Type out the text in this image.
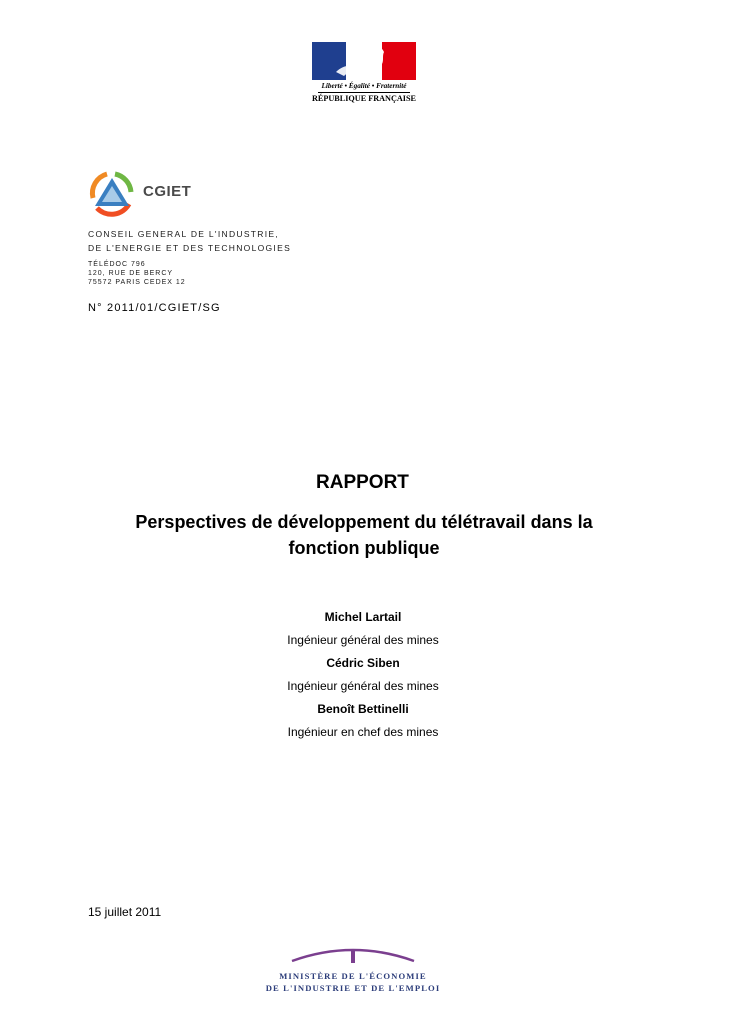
Liberté • Égalité • Fraternité
RÉPUBLIQUE FRANÇAISE
CGIET
CONSEIL GENERAL DE L'INDUSTRIE,
DE L'ENERGIE ET DES TECHNOLOGIES
TÉLÉDOC 796
120, RUE DE BERCY
75572 PARIS CEDEX 12
N° 2011/01/CGIET/SG
RAPPORT
Perspectives de développement du télétravail dans la fonction publique
Michel Lartail
Ingénieur général des mines
Cédric Siben
Ingénieur général des mines
Benoît Bettinelli
Ingénieur en chef des mines
15 juillet 2011
MINISTÈRE DE L'ÉCONOMIE
DE L'INDUSTRIE ET DE L'EMPLOI
